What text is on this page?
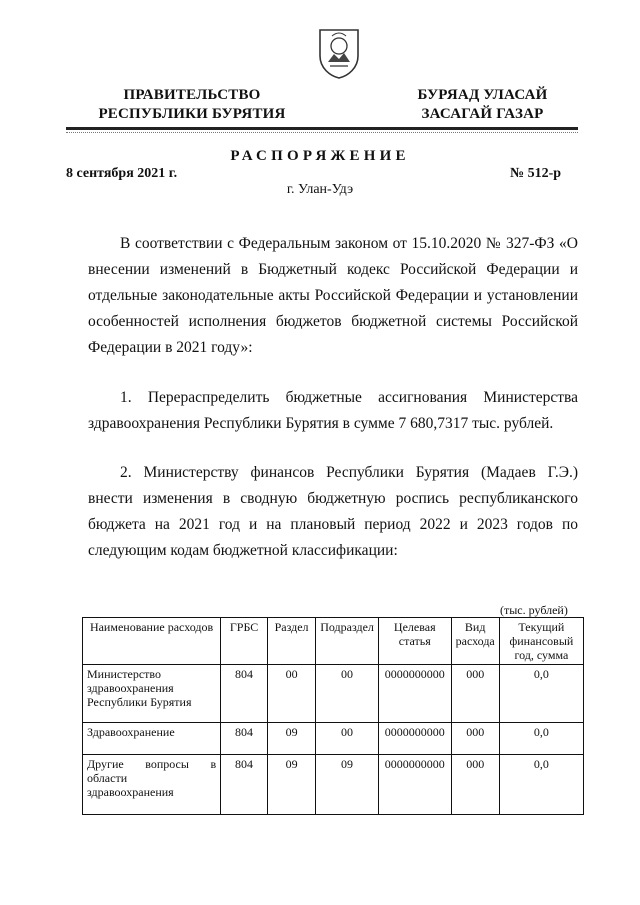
ПРАВИТЕЛЬСТВО
РЕСПУБЛИКИ БУРЯТИЯ
БУРЯАД УЛАСАЙ
ЗАСАГАЙ ГАЗАР
РАСПОРЯЖЕНИЕ
8 сентября 2021 г.	№ 512-р
г. Улан-Удэ

В соответствии с Федеральным законом от 15.10.2020 № 327-ФЗ «О внесении изменений в Бюджетный кодекс Российской Федерации и отдельные законодательные акты Российской Федерации и установлении особенностей исполнения бюджетов бюджетной системы Российской Федерации в 2021 году»:

1. Перераспределить бюджетные ассигнования Министерства здравоохранения Республики Бурятия в сумме 7 680,7317 тыс. рублей.

2. Министерству финансов Республики Бурятия (Мадаев Г.Э.) внести изменения в сводную бюджетную роспись республиканского бюджета на 2021 год и на плановый период 2022 и 2023 годов по следующим кодам бюджетной классификации:

(тыс. рублей)
Наименование расходов	ГРБС	Раздел	Подраздел	Целевая статья	Вид расхода	Текущий финансовый год, сумма
Министерство здравоохранения Республики Бурятия	804	00	00	0000000000	000	0,0
Здравоохранение	804	09	00	0000000000	000	0,0
Другие вопросы в области здравоохранения	804	09	09	0000000000	000	0,0
